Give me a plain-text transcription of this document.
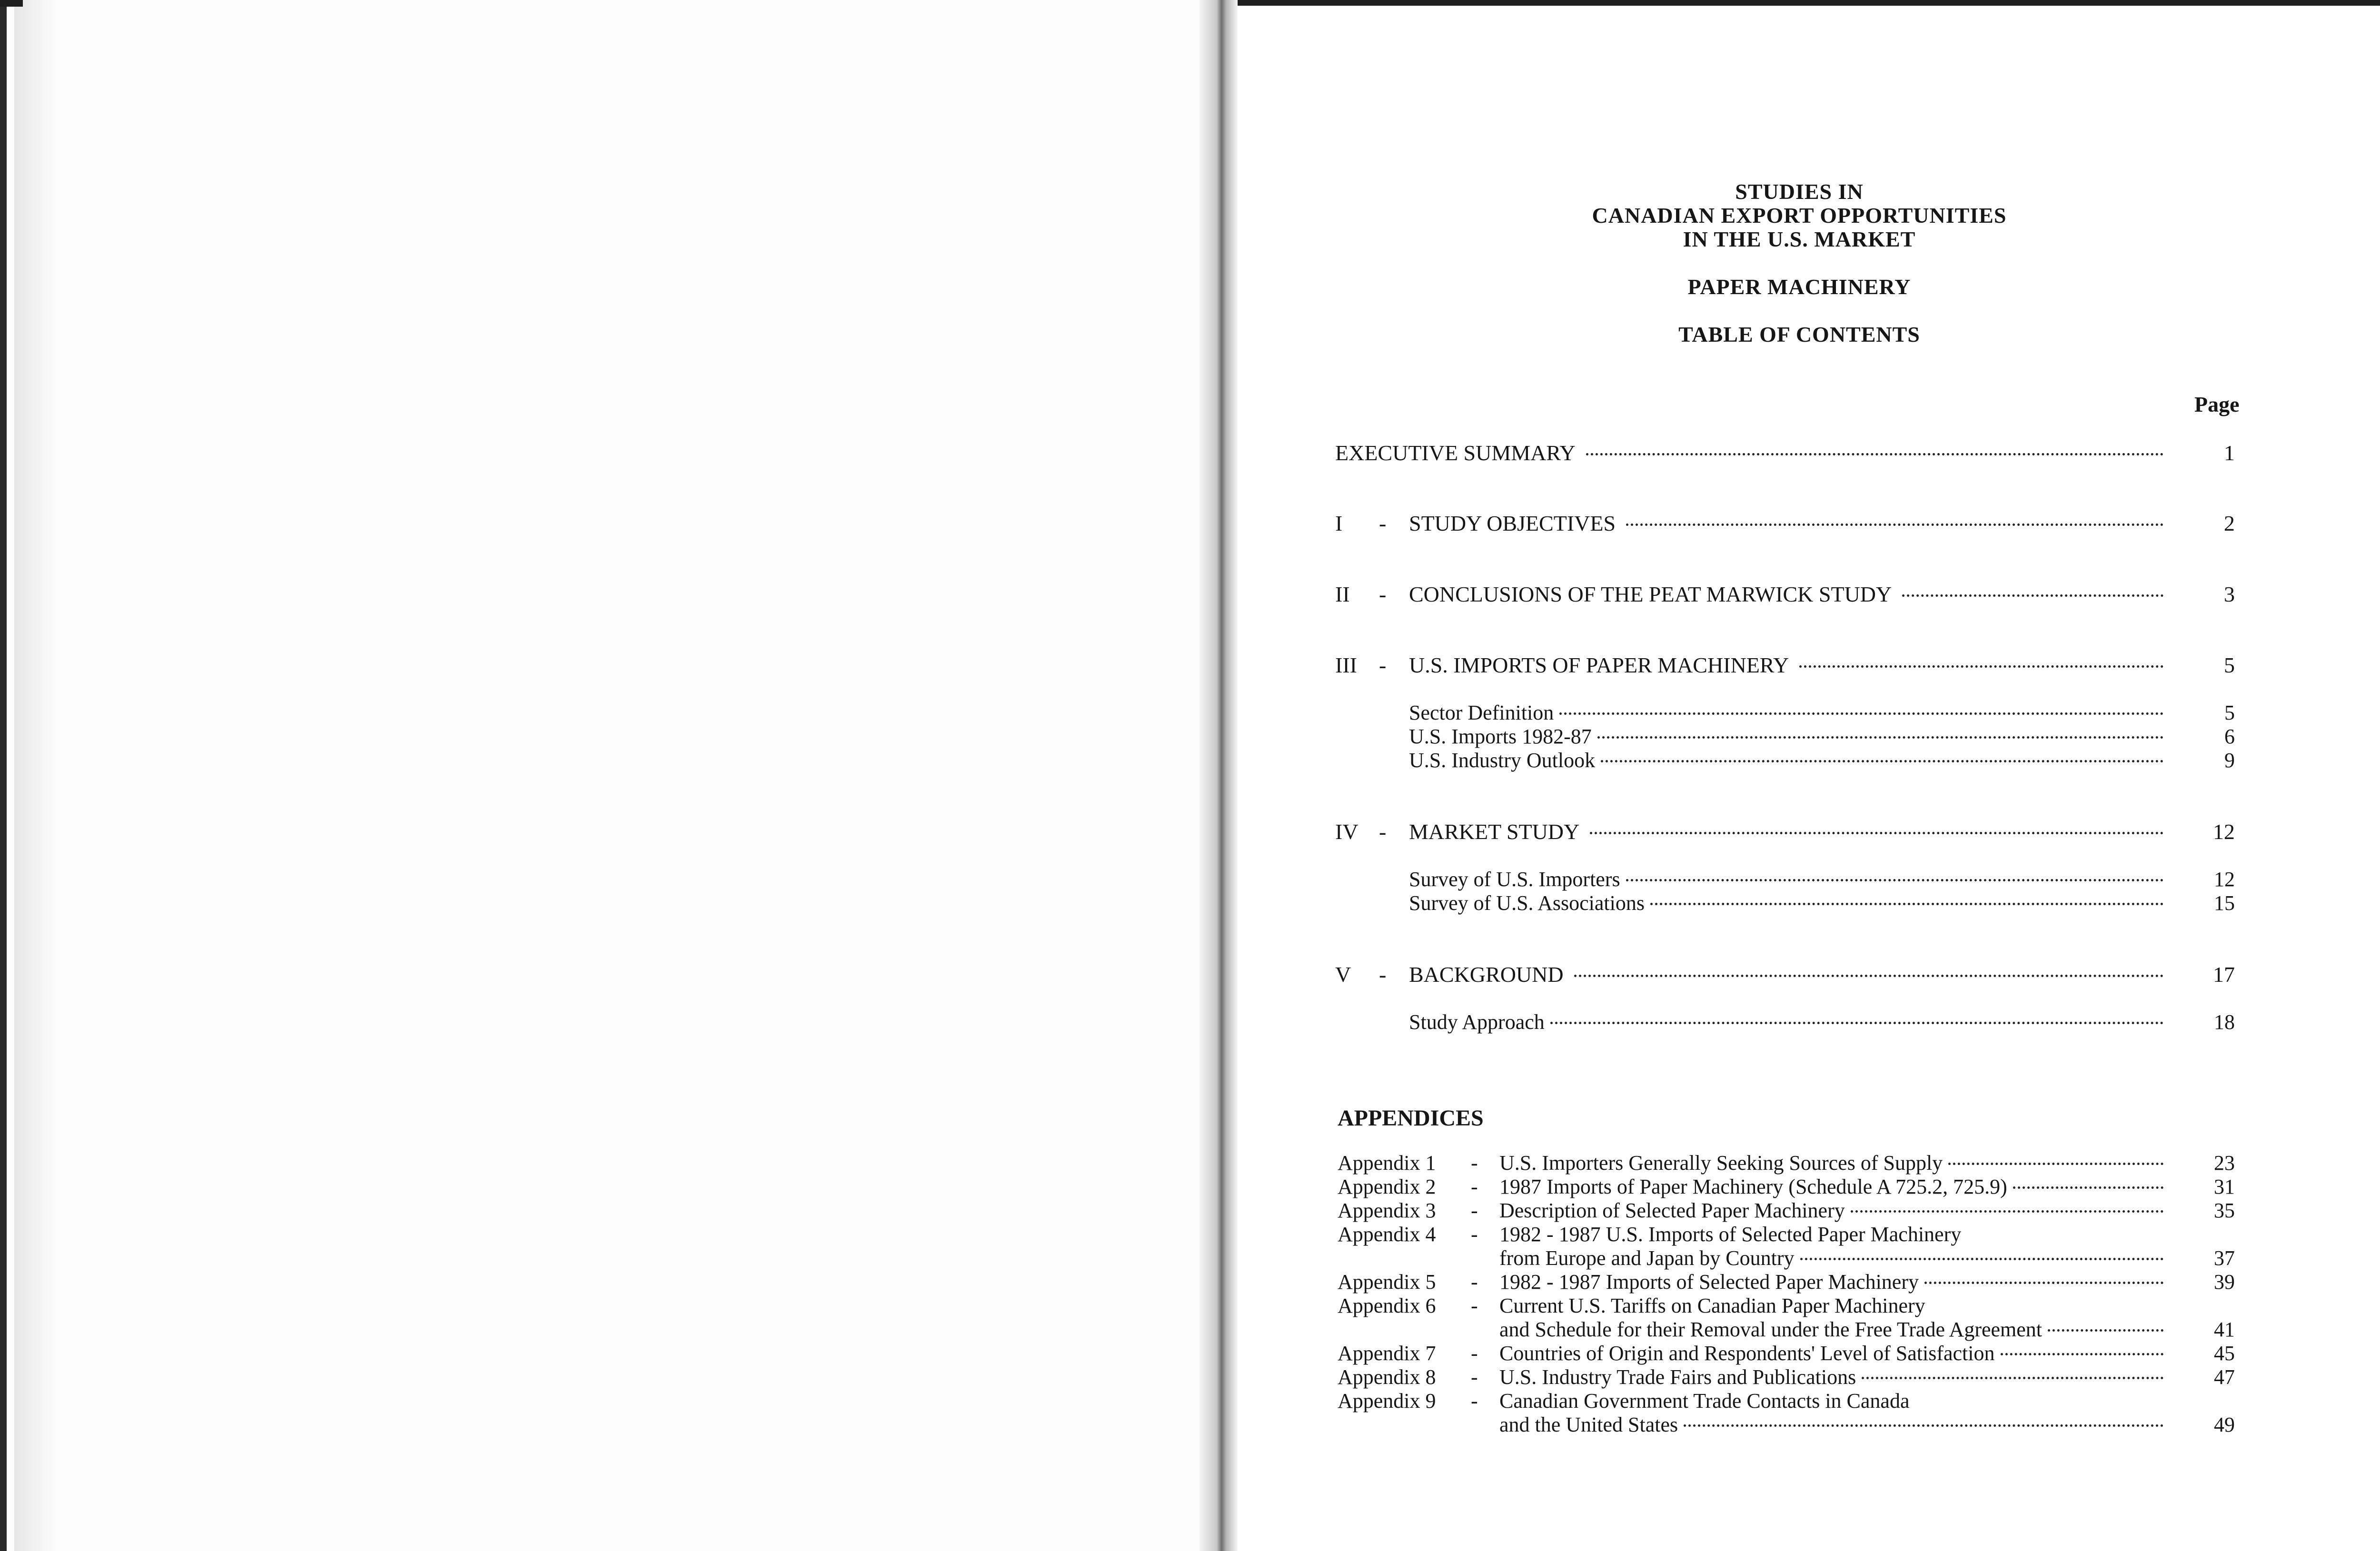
STUDIES IN
CANADIAN EXPORT OPPORTUNITIES
IN THE U.S. MARKET
PAPER MACHINERY
TABLE OF CONTENTS
Page
EXECUTIVE SUMMARY	1
I - STUDY OBJECTIVES	2
II - CONCLUSIONS OF THE PEAT MARWICK STUDY	3
III - U.S. IMPORTS OF PAPER MACHINERY	5
Sector Definition	5
U.S. Imports 1982-87	6
U.S. Industry Outlook	9
IV - MARKET STUDY	12
Survey of U.S. Importers	12
Survey of U.S. Associations	15
V - BACKGROUND	17
Study Approach	18
APPENDICES
Appendix 1 - U.S. Importers Generally Seeking Sources of Supply	23
Appendix 2 - 1987 Imports of Paper Machinery (Schedule A 725.2, 725.9)	31
Appendix 3 - Description of Selected Paper Machinery	35
Appendix 4 - 1982 - 1987 U.S. Imports of Selected Paper Machinery
from Europe and Japan by Country	37
Appendix 5 - 1982 - 1987 Imports of Selected Paper Machinery	39
Appendix 6 - Current U.S. Tariffs on Canadian Paper Machinery
and Schedule for their Removal under the Free Trade Agreement	41
Appendix 7 - Countries of Origin and Respondents' Level of Satisfaction	45
Appendix 8 - U.S. Industry Trade Fairs and Publications	47
Appendix 9 - Canadian Government Trade Contacts in Canada
and the United States	49
